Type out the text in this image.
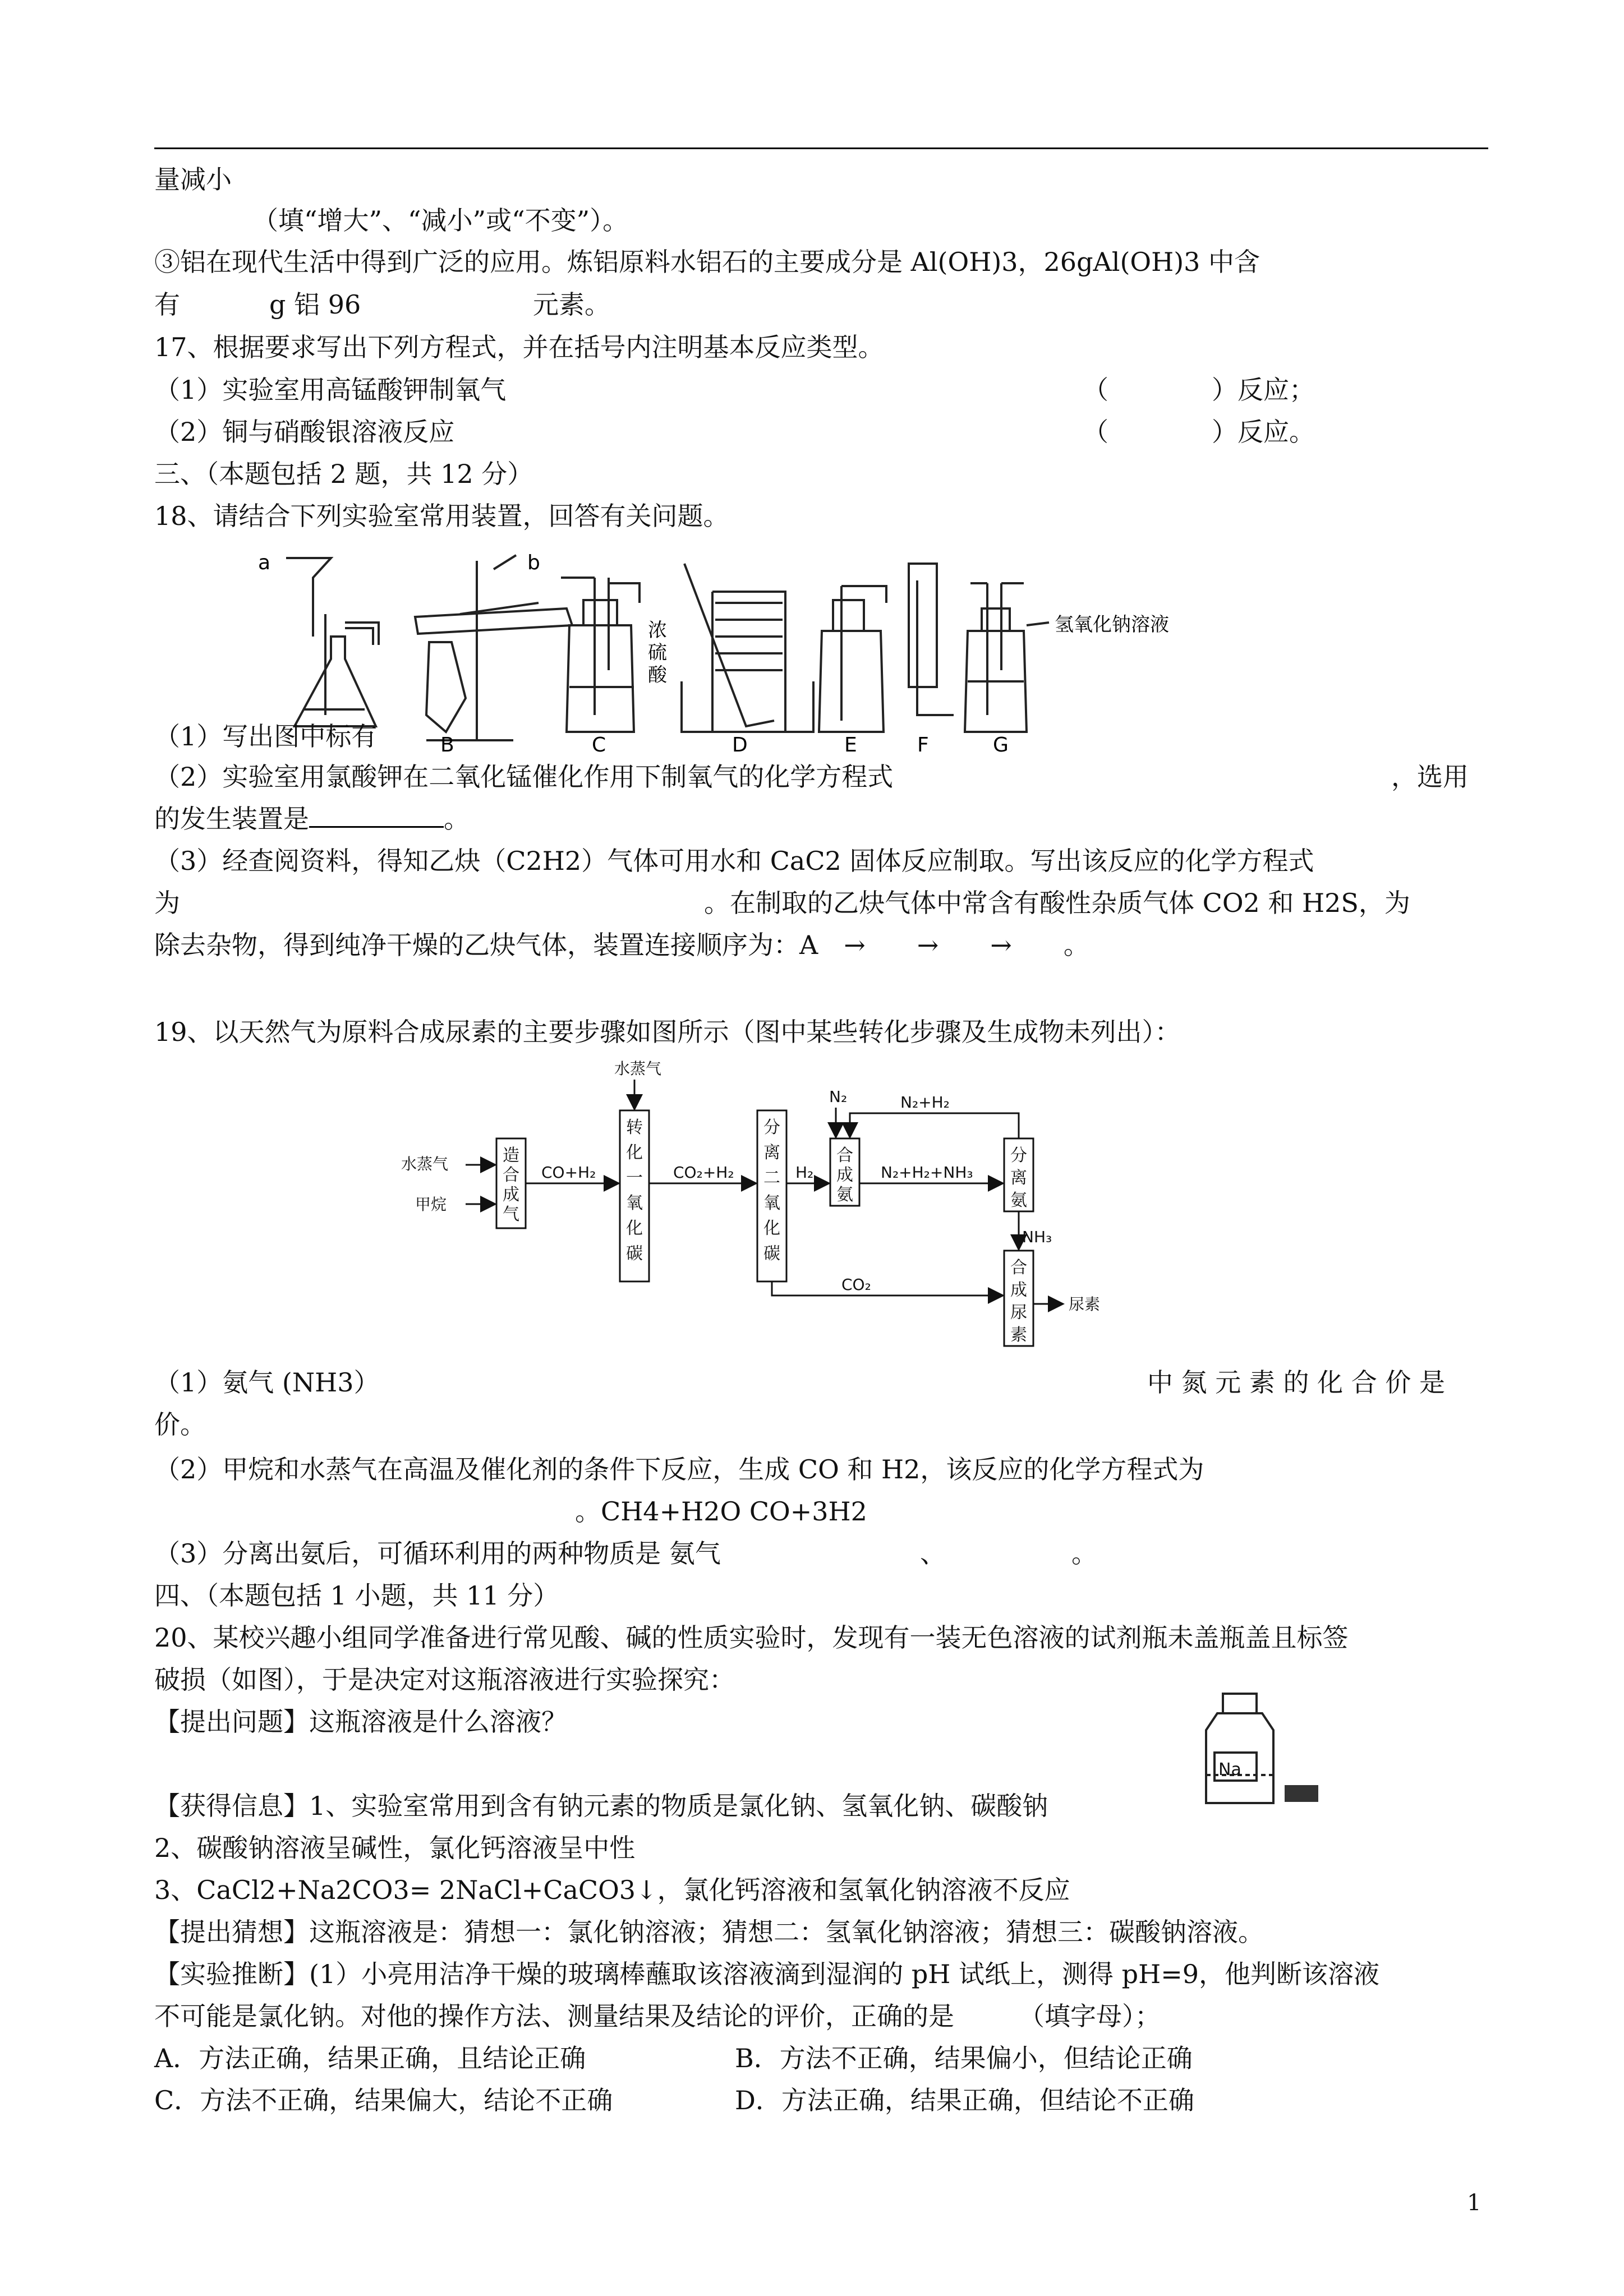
量减小
（填“增大”、“减小”或“不变”）。
③铝在现代生活中得到广泛的应用。炼铝原料水铝石的主要成分是 Al(OH)3，26gAl(OH)3 中含
有	g 铝 96	元素。
17、根据要求写出下列方程式，并在括号内注明基本反应类型。
（1）实验室用高锰酸钾制氧气	（　　　　）反应；
（2）铜与硝酸银溶液反应	（　　　　）反应。
三、（本题包括 2 题，共 12 分）
18、请结合下列实验室常用装置，回答有关问题。
a	b
浓
硫
酸
氢氧化钠溶液
B	C	D	E	F	G
（1）写出图中标有
（2）实验室用氯酸钾在二氧化锰催化作用下制氧气的化学方程式	，选用
的发生装置是	。
（3）经查阅资料，得知乙炔（C2H2）气体可用水和 CaC2 固体反应制取。写出该反应的化学方程式
为	。在制取的乙炔气体中常含有酸性杂质气体 CO2 和 H2S，为
除去杂物，得到纯净干燥的乙炔气体，装置连接顺序为：A　→　　→　　→　　。
19、以天然气为原料合成尿素的主要步骤如图所示（图中某些转化步骤及生成物未列出）：
水蒸气
水蒸气
甲烷
CO+H₂	CO₂+H₂	H₂
N₂	N₂+H₂
N₂+H₂+NH₃
NH₃
CO₂
尿素
造
合
成
气
转
化
一
氧
化
碳
分
离
二
氧
化
碳
合
成
氨
分
离
氨
合
成
尿
素
（1）氨气 (NH3）	中 氮 元 素 的 化 合 价 是
价。
（2）甲烷和水蒸气在高温及催化剂的条件下反应，生成 CO 和 H2，该反应的化学方程式为
。CH4+H2O CO+3H2
（3）分离出氨后，可循环利用的两种物质是 氨气	、	。
四、（本题包括 1 小题，共 11 分）
20、某校兴趣小组同学准备进行常见酸、碱的性质实验时，发现有一装无色溶液的试剂瓶未盖瓶盖且标签
破损（如图），于是决定对这瓶溶液进行实验探究：
【提出问题】这瓶溶液是什么溶液？
Na
【获得信息】1、实验室常用到含有钠元素的物质是氯化钠、氢氧化钠、碳酸钠
2、碳酸钠溶液呈碱性，氯化钙溶液呈中性
3、CaCl2+Na2CO3= 2NaCl+CaCO3↓，氯化钙溶液和氢氧化钠溶液不反应
【提出猜想】这瓶溶液是：猜想一：氯化钠溶液；猜想二：氢氧化钠溶液；猜想三：碳酸钠溶液。
【实验推断】(1）小亮用洁净干燥的玻璃棒蘸取该溶液滴到湿润的 pH 试纸上，测得 pH=9，他判断该溶液
不可能是氯化钠。对他的操作方法、测量结果及结论的评价，正确的是　　　（填字母）；
A．方法正确，结果正确，且结论正确	B．方法不正确，结果偏小，但结论正确
C．方法不正确，结果偏大，结论不正确	D．方法正确，结果正确，但结论不正确
1
